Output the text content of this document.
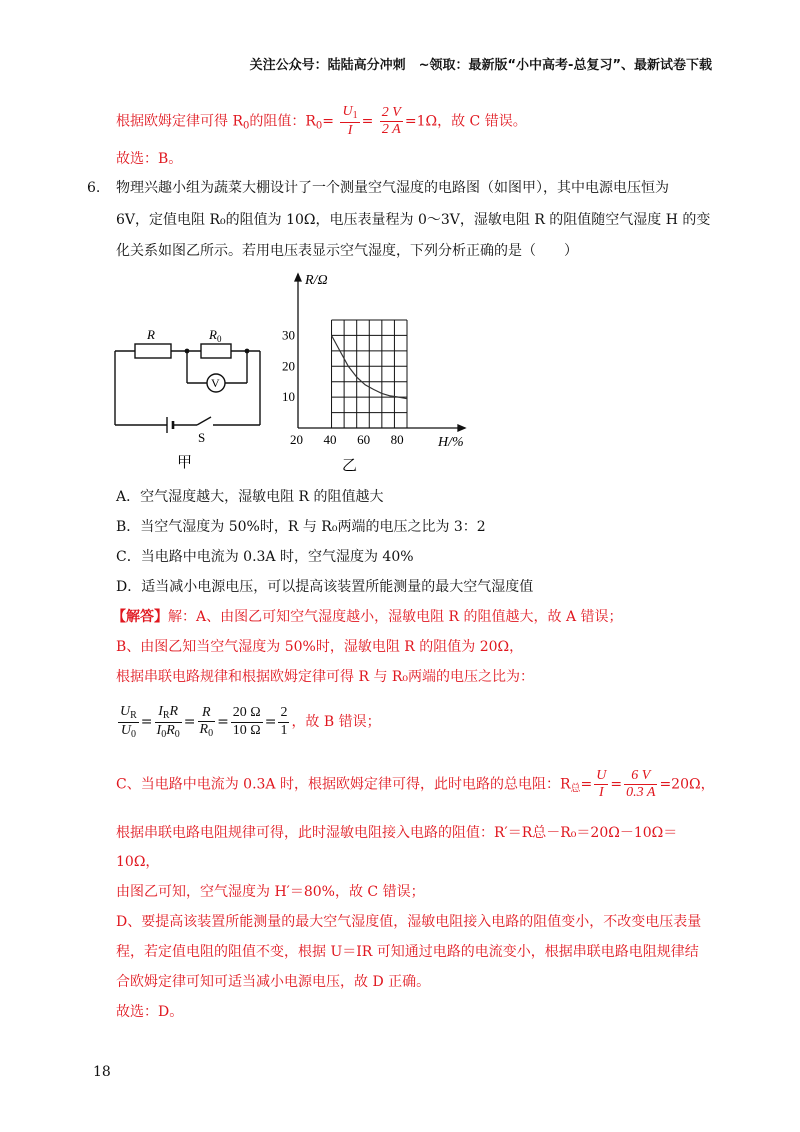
关注公众号：陆陆高分冲刺　~领取：最新版“小中高考-总复习”、最新试卷下载
根据欧姆定律可得 $R_0$的阻值：$R_0= \frac{U_1}{I} = \frac{2 V}{2 A} =1\Omega$，故 C 错误。
故选：B。
6. 物理兴趣小组为蔬菜大棚设计了一个测量空气湿度的电路图（如图甲），其中电源电压恒为
6V，定值电阻 R₀的阻值为 10Ω，电压表量程为 0～3V，湿敏电阻 R 的阻值随空气湿度 H 的变
化关系如图乙所示。若用电压表显示空气湿度，下列分析正确的是（　　）
R	$R_0$
V
S
甲
20 40 60 80
10
20
30
R/Ω
H/%
乙
A．空气湿度越大，湿敏电阻 R 的阻值越大
B．当空气湿度为 50%时，R 与 R₀两端的电压之比为 3：2
C．当电路中电流为 0.3A 时，空气湿度为 40%
D．适当减小电源电压，可以提高该装置所能测量的最大空气湿度值
【解答】解：A、由图乙可知空气湿度越小，湿敏电阻 R 的阻值越大，故 A 错误；
B、由图乙知当空气湿度为 50%时，湿敏电阻 R 的阻值为 20Ω，
根据串联电路规律和根据欧姆定律可得 R 与 R₀两端的电压之比为：
$\frac{U_R}{U_0} = \frac{I_RR}{I_0R_0} = \frac{R}{R_0} = \frac{20 \Omega}{10 \Omega} = \frac{2}{1}$ ，故 B 错误；
C、当电路中电流为 0.3A 时，根据欧姆定律可得，此时电路的总电阻：$R_总= \frac{U}{I} = \frac{6 V}{0.3 A} =20\Omega$，
根据串联电路电阻规律可得，此时湿敏电阻接入电路的阻值：R′＝R总－R₀＝20Ω－10Ω＝
10Ω，
由图乙可知，空气湿度为 H′＝80%，故 C 错误；
D、要提高该装置所能测量的最大空气湿度值，湿敏电阻接入电路的阻值变小，不改变电压表量
程，若定值电阻的阻值不变，根据 U＝IR 可知通过电路的电流变小，根据串联电路电阻规律结
合欧姆定律可知可适当减小电源电压，故 D 正确。
故选：D。
18
